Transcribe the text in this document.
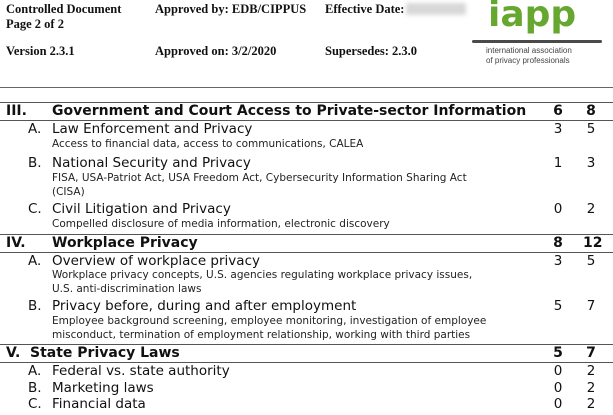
Controlled Document
Page 2 of 2
Version 2.3.1
Approved by: EDB/CIPPUS
Approved on: 3/2/2020
Effective Date:
Supersedes: 2.3.0
iapp
international association
of privacy professionals
III. Government and Court Access to Private-sector Information 6 8
A. Law Enforcement and Privacy	3 5
Access to financial data, access to communications, CALEA
B. National Security and Privacy	1 3
FISA, USA-Patriot Act, USA Freedom Act, Cybersecurity Information Sharing Act
(CISA)
C. Civil Litigation and Privacy	0 2
Compelled disclosure of media information, electronic discovery
IV. Workplace Privacy	8 12
A. Overview of workplace privacy	3 5
Workplace privacy concepts, U.S. agencies regulating workplace privacy issues,
U.S. anti-discrimination laws
B. Privacy before, during and after employment	5 7
Employee background screening, employee monitoring, investigation of employee
misconduct, termination of employment relationship, working with third parties
V. State Privacy Laws	5 7
A. Federal vs. state authority	0 2
B. Marketing laws	0 2
C. Financial data	0 2
